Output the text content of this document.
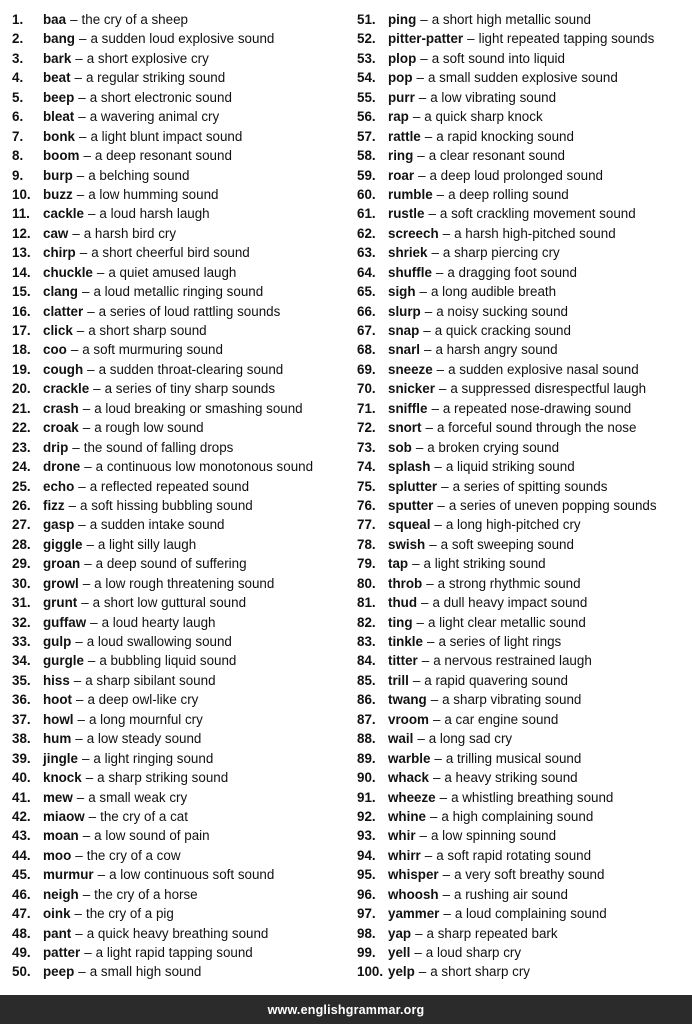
1.	baa – the cry of a sheep
2.	bang – a sudden loud explosive sound
3.	bark – a short explosive cry
4.	beat – a regular striking sound
5.	beep – a short electronic sound
6.	bleat – a wavering animal cry
7.	bonk – a light blunt impact sound
8.	boom – a deep resonant sound
9.	burp – a belching sound
10. buzz – a low humming sound
11. cackle – a loud harsh laugh
12. caw – a harsh bird cry
13. chirp – a short cheerful bird sound
14. chuckle – a quiet amused laugh
15. clang – a loud metallic ringing sound
16. clatter – a series of loud rattling sounds
17. click – a short sharp sound
18. coo – a soft murmuring sound
19. cough – a sudden throat-clearing sound
20. crackle – a series of tiny sharp sounds
21. crash – a loud breaking or smashing sound
22. croak – a rough low sound
23. drip – the sound of falling drops
24. drone – a continuous low monotonous sound
25. echo – a reflected repeated sound
26. fizz – a soft hissing bubbling sound
27. gasp – a sudden intake sound
28. giggle – a light silly laugh
29. groan – a deep sound of suffering
30. growl – a low rough threatening sound
31. grunt – a short low guttural sound
32. guffaw – a loud hearty laugh
33. gulp – a loud swallowing sound
34. gurgle – a bubbling liquid sound
35. hiss – a sharp sibilant sound
36. hoot – a deep owl-like cry
37. howl – a long mournful cry
38. hum – a low steady sound
39. jingle – a light ringing sound
40. knock – a sharp striking sound
41. mew – a small weak cry
42. miaow – the cry of a cat
43. moan – a low sound of pain
44. moo – the cry of a cow
45. murmur – a low continuous soft sound
46. neigh – the cry of a horse
47. oink – the cry of a pig
48. pant – a quick heavy breathing sound
49. patter – a light rapid tapping sound
50. peep – a small high sound
51. ping – a short high metallic sound
52. pitter-patter – light repeated tapping sounds
53. plop – a soft sound into liquid
54. pop – a small sudden explosive sound
55. purr – a low vibrating sound
56. rap – a quick sharp knock
57. rattle – a rapid knocking sound
58. ring – a clear resonant sound
59. roar – a deep loud prolonged sound
60. rumble – a deep rolling sound
61. rustle – a soft crackling movement sound
62. screech – a harsh high-pitched sound
63. shriek – a sharp piercing cry
64. shuffle – a dragging foot sound
65. sigh – a long audible breath
66. slurp – a noisy sucking sound
67. snap – a quick cracking sound
68. snarl – a harsh angry sound
69. sneeze – a sudden explosive nasal sound
70. snicker – a suppressed disrespectful laugh
71. sniffle – a repeated nose-drawing sound
72. snort – a forceful sound through the nose
73. sob – a broken crying sound
74. splash – a liquid striking sound
75. splutter – a series of spitting sounds
76. sputter – a series of uneven popping sounds
77. squeal – a long high-pitched cry
78. swish – a soft sweeping sound
79. tap – a light striking sound
80. throb – a strong rhythmic sound
81. thud – a dull heavy impact sound
82. ting – a light clear metallic sound
83. tinkle – a series of light rings
84. titter – a nervous restrained laugh
85. trill – a rapid quavering sound
86. twang – a sharp vibrating sound
87. vroom – a car engine sound
88. wail – a long sad cry
89. warble – a trilling musical sound
90. whack – a heavy striking sound
91. wheeze – a whistling breathing sound
92. whine – a high complaining sound
93. whir – a low spinning sound
94. whirr – a soft rapid rotating sound
95. whisper – a very soft breathy sound
96. whoosh – a rushing air sound
97. yammer – a loud complaining sound
98. yap – a sharp repeated bark
99. yell – a loud sharp cry
100. yelp – a short sharp cry
www.englishgrammar.org
